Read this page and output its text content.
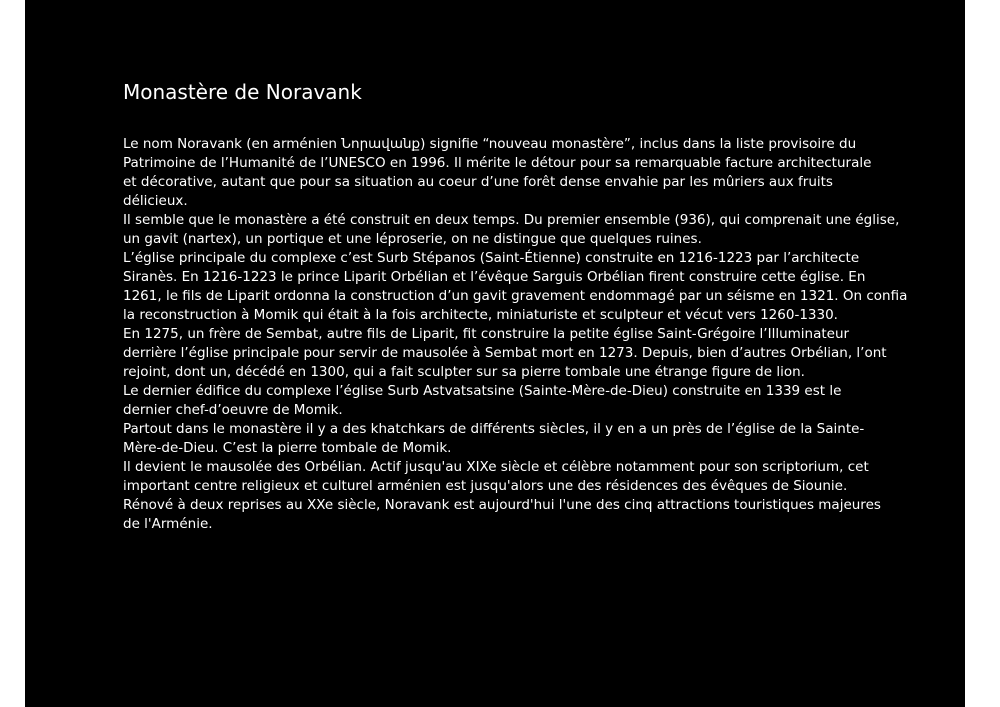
Monastère de Noravank
Le nom Noravank (en arménien Նորավանք) signifie “nouveau monastère”, inclus dans la liste provisoire du
Patrimoine de l’Humanité de l’UNESCO en 1996. Il mérite le détour pour sa remarquable facture architecturale
et décorative, autant que pour sa situation au coeur d’une forêt dense envahie par les mûriers aux fruits
délicieux.
Il semble que le monastère a été construit en deux temps. Du premier ensemble (936), qui comprenait une église,
un gavit (nartex), un portique et une léproserie, on ne distingue que quelques ruines.
L’église principale du complexe c’est Surb Stépanos (Saint-Étienne) construite en 1216-1223 par l’architecte
Siranès. En 1216-1223 le prince Liparit Orbélian et l’évêque Sarguis Orbélian firent construire cette église. En
1261, le fils de Liparit ordonna la construction d’un gavit gravement endommagé par un séisme en 1321. On confia
la reconstruction à Momik qui était à la fois architecte, miniaturiste et sculpteur et vécut vers 1260-1330.
En 1275, un frère de Sembat, autre fils de Liparit, fit construire la petite église Saint-Grégoire l’Illuminateur
derrière l’église principale pour servir de mausolée à Sembat mort en 1273. Depuis, bien d’autres Orbélian, l’ont
rejoint, dont un, décédé en 1300, qui a fait sculpter sur sa pierre tombale une étrange figure de lion.
Le dernier édifice du complexe l’église Surb Astvatsatsine (Sainte-Mère-de-Dieu) construite en 1339 est le
dernier chef-d’oeuvre de Momik.
Partout dans le monastère il y a des khatchkars de différents siècles, il y en a un près de l’église de la Sainte-
Mère-de-Dieu. C’est la pierre tombale de Momik.
Il devient le mausolée des Orbélian. Actif jusqu'au XIXe siècle et célèbre notamment pour son scriptorium, cet
important centre religieux et culturel arménien est jusqu'alors une des résidences des évêques de Siounie.
Rénové à deux reprises au XXe siècle, Noravank est aujourd'hui l'une des cinq attractions touristiques majeures
de l'Arménie.
